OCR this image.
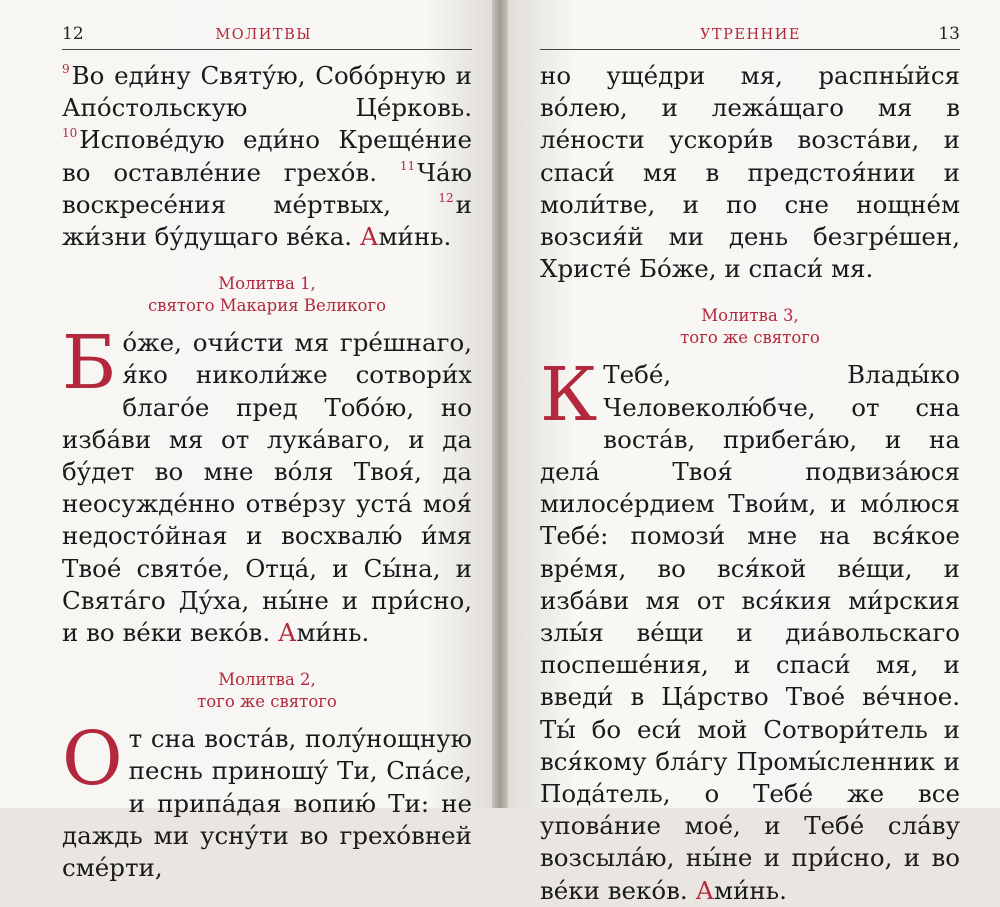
12	МОЛИТВЫ

$^9$Во еди́ну Святу́ю, Собо́рную и Апо́стольскую Це́рковь. $^{10}$Испове́дую еди́но Креще́ние во оставле́ние грехо́в. $^{11}$Ча́ю воскресе́ния ме́ртвых,	$^{12}$и жи́зни бу́дущаго ве́ка. Ами́нь.

Молитва 1,
святого Макария Великого

Бо́же, очи́сти мя гре́шнаго, я́ко николи́же сотвори́х благо́е пред Тобо́ю, но изба́ви мя от лука́ваго, и да бу́дет во мне во́ля Твоя́, да неосужде́нно отве́рзу уста́ моя́ недосто́йная и восхвалю́ и́мя Твое́ свято́е, Отца́, и Сы́на, и Свята́го Ду́ха, ны́не и при́сно, и во ве́ки веко́в. Ами́нь.

Молитва 2,
того же святого

От сна воста́в, полу́нощную песнь приношу́ Ти, Спа́се, и припа́дая вопию́ Ти: не даждь ми усну́ти во грехо́вней сме́рти,

УТРЕННИЕ	13

но уще́дри мя, распны́йся во́лею, и лежа́щаго мя в ле́ности ускори́в возста́ви, и спаси́ мя в предстоя́нии и моли́тве, и по сне нощне́м возсия́й ми день безгре́шен, Христе́ Бо́же, и спаси́ мя.

Молитва 3,
того же святого

К Тебе́, Влады́ко Человеколю́бче, от сна воста́в, прибега́ю, и на дела́ Твоя́ подвиза́юся милосе́рдием Твои́м, и мо́люся Тебе́: помози́ мне на вся́кое вре́мя, во вся́кой ве́щи, и изба́ви мя от вся́кия ми́рския злы́я ве́щи и диа́вольскаго поспеше́ния, и спаси́ мя, и введи́ в Ца́рство Твое́ ве́чное. Ты́ бо еси́ мой Сотвори́тель и вся́кому бла́гу Промы́сленник и Пода́тель, о Тебе́ же все упова́ние мое́, и Тебе́ сла́ву возсыла́ю, ны́не и при́сно, и во ве́ки веко́в. Ами́нь.
